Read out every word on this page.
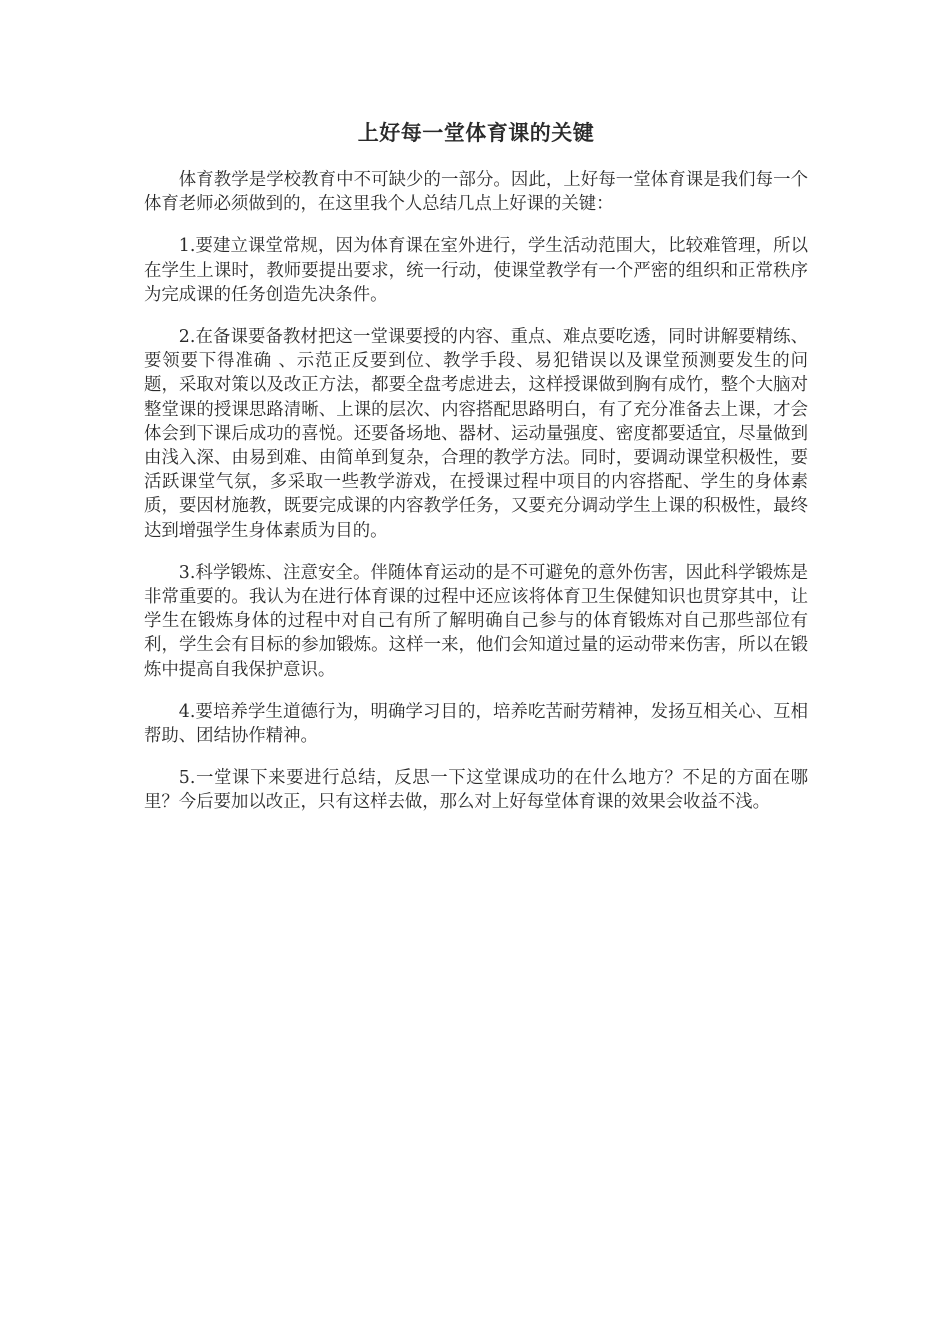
上好每一堂体育课的关键

体育教学是学校教育中不可缺少的一部分。因此，上好每一堂体育课是我们每一个体育老师必须做到的，在这里我个人总结几点上好课的关键：

1.要建立课堂常规，因为体育课在室外进行，学生活动范围大，比较难管理，所以在学生上课时，教师要提出要求，统一行动，使课堂教学有一个严密的组织和正常秩序为完成课的任务创造先决条件。

2.在备课要备教材把这一堂课要授的内容、重点、难点要吃透，同时讲解要精练、要领要下得准确 、示范正反要到位、教学手段、易犯错误以及课堂预测要发生的问题，采取对策以及改正方法，都要全盘考虑进去，这样授课做到胸有成竹，整个大脑对整堂课的授课思路清晰、上课的层次、内容搭配思路明白，有了充分准备去上课，才会体会到下课后成功的喜悦。还要备场地、器材、运动量强度、密度都要适宜，尽量做到由浅入深、由易到难、由简单到复杂，合理的教学方法。同时，要调动课堂积极性，要活跃课堂气氛，多采取一些教学游戏，在授课过程中项目的内容搭配、学生的身体素质，要因材施教，既要完成课的内容教学任务，又要充分调动学生上课的积极性，最终达到增强学生身体素质为目的。

3.科学锻炼、注意安全。伴随体育运动的是不可避免的意外伤害，因此科学锻炼是非常重要的。我认为在进行体育课的过程中还应该将体育卫生保健知识也贯穿其中，让学生在锻炼身体的过程中对自己有所了解明确自己参与的体育锻炼对自己那些部位有利，学生会有目标的参加锻炼。这样一来，他们会知道过量的运动带来伤害，所以在锻炼中提高自我保护意识。

4.要培养学生道德行为，明确学习目的，培养吃苦耐劳精神，发扬互相关心、互相帮助、团结协作精神。

5.一堂课下来要进行总结，反思一下这堂课成功的在什么地方？不足的方面在哪里？今后要加以改正，只有这样去做，那么对上好每堂体育课的效果会收益不浅。
